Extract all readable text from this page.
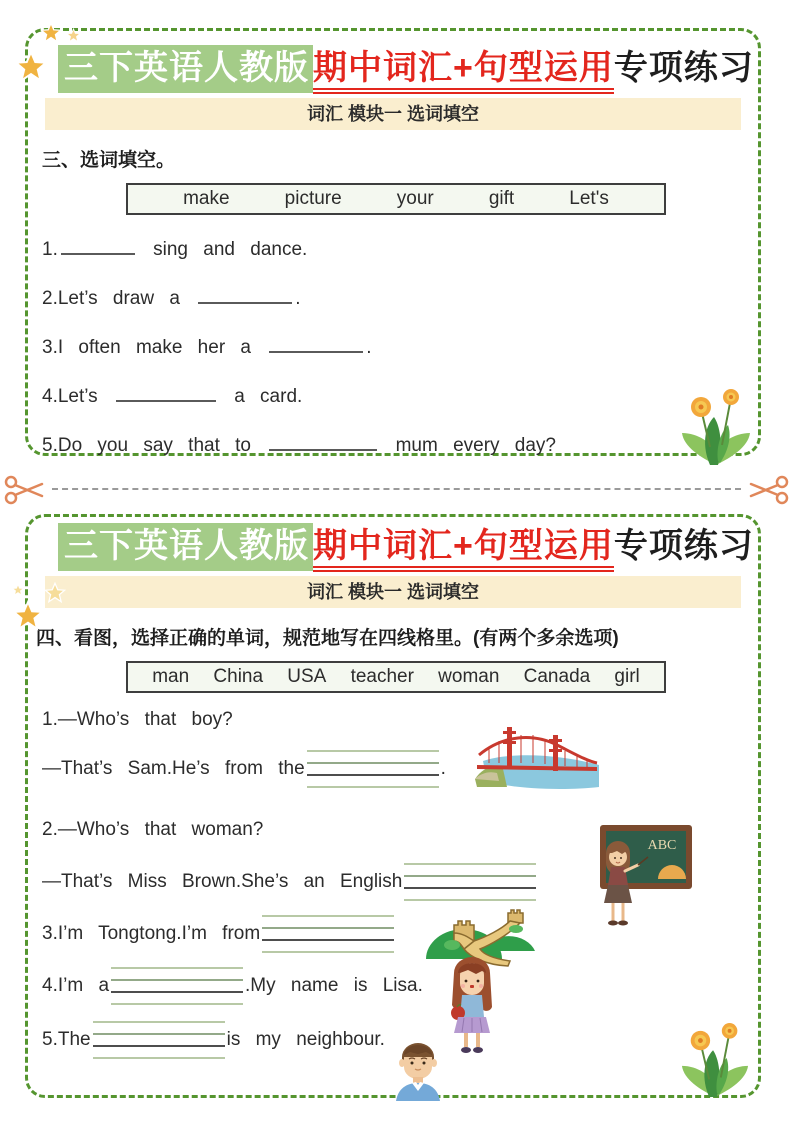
三下英语人教版 期中词汇+句型运用专项练习
词汇 模块一 选词填空
三、选词填空。
make	picture	your	gift	Let's
1.	sing and dance.
2.Let’s draw a	.
3.I often make her a	.
4.Let’s	a card.
5.Do you say that to	mum every day?
三下英语人教版 期中词汇+句型运用专项练习
词汇 模块一 选词填空
四、看图，选择正确的单词，规范地写在四线格里。(有两个多余选项)
man China USA teacher woman Canada girl
1.—Who’s that boy?
—That’s Sam.He’s from the	.
2.—Who’s that woman?
—That’s Miss Brown.She’s an English
3.I’m Tongtong.I’m from
4.I’m a	.My name is Lisa.
5.The	is my neighbour.
ABC
